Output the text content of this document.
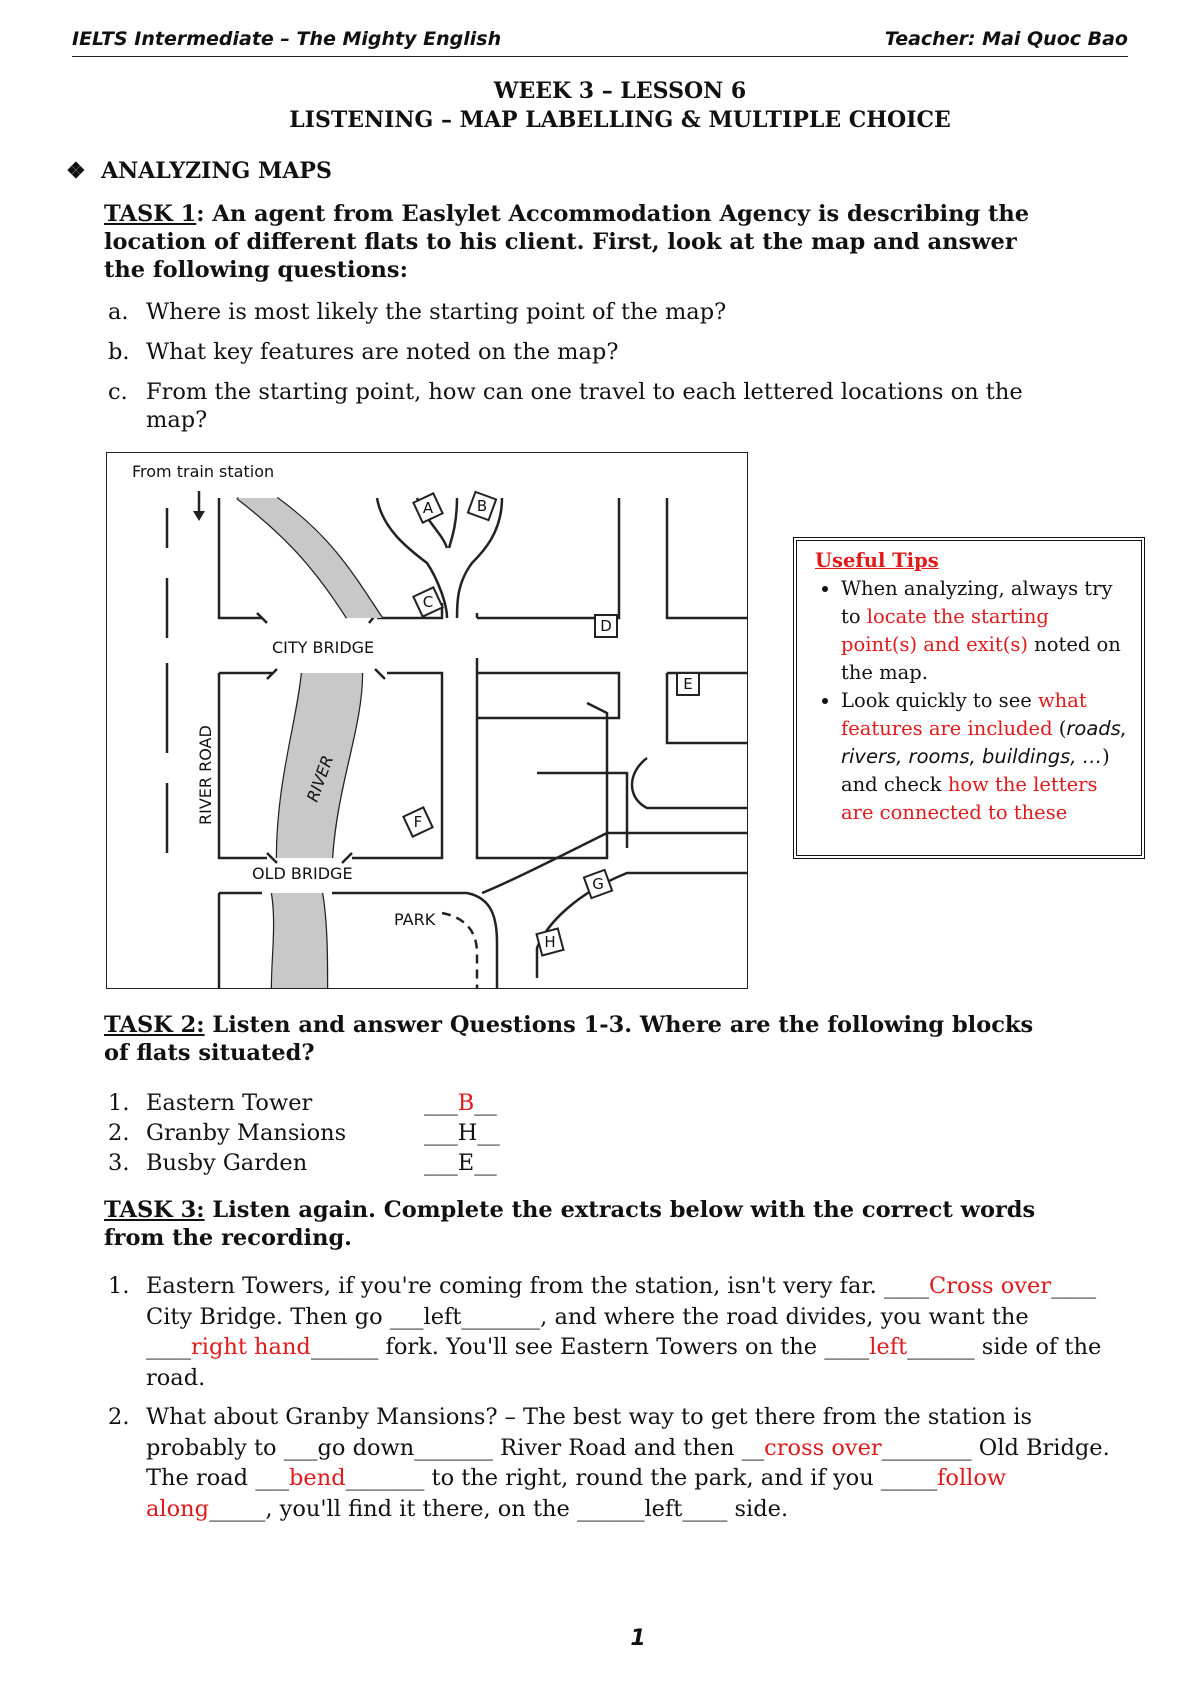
IELTS Intermediate – The Mighty English	Teacher: Mai Quoc Bao
WEEK 3 – LESSON 6
LISTENING – MAP LABELLING & MULTIPLE CHOICE
❖ ANALYZING MAPS
TASK 1: An agent from Easlylet Accommodation Agency is describing the
location of different flats to his client. First, look at the map and answer
the following questions:
a. Where is most likely the starting point of the map?
b. What key features are noted on the map?
c. From the starting point, how can one travel to each lettered locations on the
map?
A	B
C
D
E
F
G
H
From train station
CITY BRIDGE
OLD BRIDGE
PARK
RIVER ROAD	RIVER
Useful Tips
• When analyzing, always try to locate the starting point(s) and exit(s) noted on the map.
• Look quickly to see what features are included (roads, rivers, rooms, buildings, …) and check how the letters are connected to these
TASK 2: Listen and answer Questions 1-3. Where are the following blocks
of flats situated?
1. Eastern Tower	___B__
2. Granby Mansions	___H__
3. Busby Garden	___E__
TASK 3: Listen again. Complete the extracts below with the correct words
from the recording.
1. Eastern Towers, if you're coming from the station, isn't very far. ____Cross over____ City Bridge. Then go ___left_______, and where the road divides, you want the ____right hand______ fork. You'll see Eastern Towers on the ____left______ side of the road.
2. What about Granby Mansions? – The best way to get there from the station is probably to ___go down_______ River Road and then __cross over________ Old Bridge. The road ___bend_______ to the right, round the park, and if you _____follow along_____, you'll find it there, on the ______left____ side.
1
